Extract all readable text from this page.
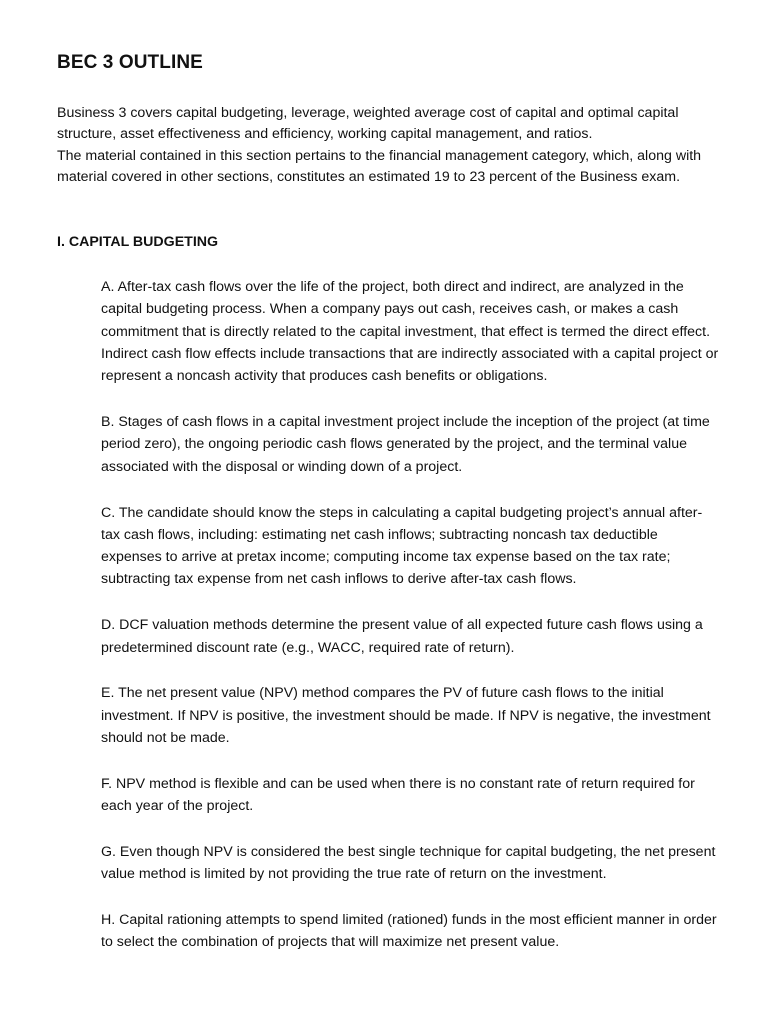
BEC 3 OUTLINE

Business 3 covers capital budgeting, leverage, weighted average cost of capital and optimal capital structure, asset effectiveness and efficiency, working capital management, and ratios.

The material contained in this section pertains to the financial management category, which, along with material covered in other sections, constitutes an estimated 19 to 23 percent of the Business exam.

I. CAPITAL BUDGETING

A. After-tax cash flows over the life of the project, both direct and indirect, are analyzed in the capital budgeting process. When a company pays out cash, receives cash, or makes a cash commitment that is directly related to the capital investment, that effect is termed the direct effect. Indirect cash flow effects include transactions that are indirectly associated with a capital project or represent a noncash activity that produces cash benefits or obligations.

B. Stages of cash flows in a capital investment project include the inception of the project (at time period zero), the ongoing periodic cash flows generated by the project, and the terminal value associated with the disposal or winding down of a project.

C. The candidate should know the steps in calculating a capital budgeting project’s annual after-tax cash flows, including: estimating net cash inflows; subtracting noncash tax deductible expenses to arrive at pretax income; computing income tax expense based on the tax rate; subtracting tax expense from net cash inflows to derive after-tax cash flows.

D. DCF valuation methods determine the present value of all expected future cash flows using a predetermined discount rate (e.g., WACC, required rate of return).

E. The net present value (NPV) method compares the PV of future cash flows to the initial investment. If NPV is positive, the investment should be made. If NPV is negative, the investment should not be made.

F. NPV method is flexible and can be used when there is no constant rate of return required for each year of the project.

G. Even though NPV is considered the best single technique for capital budgeting, the net present value method is limited by not providing the true rate of return on the investment.

H. Capital rationing attempts to spend limited (rationed) funds in the most efficient manner in order to select the combination of projects that will maximize net present value.
